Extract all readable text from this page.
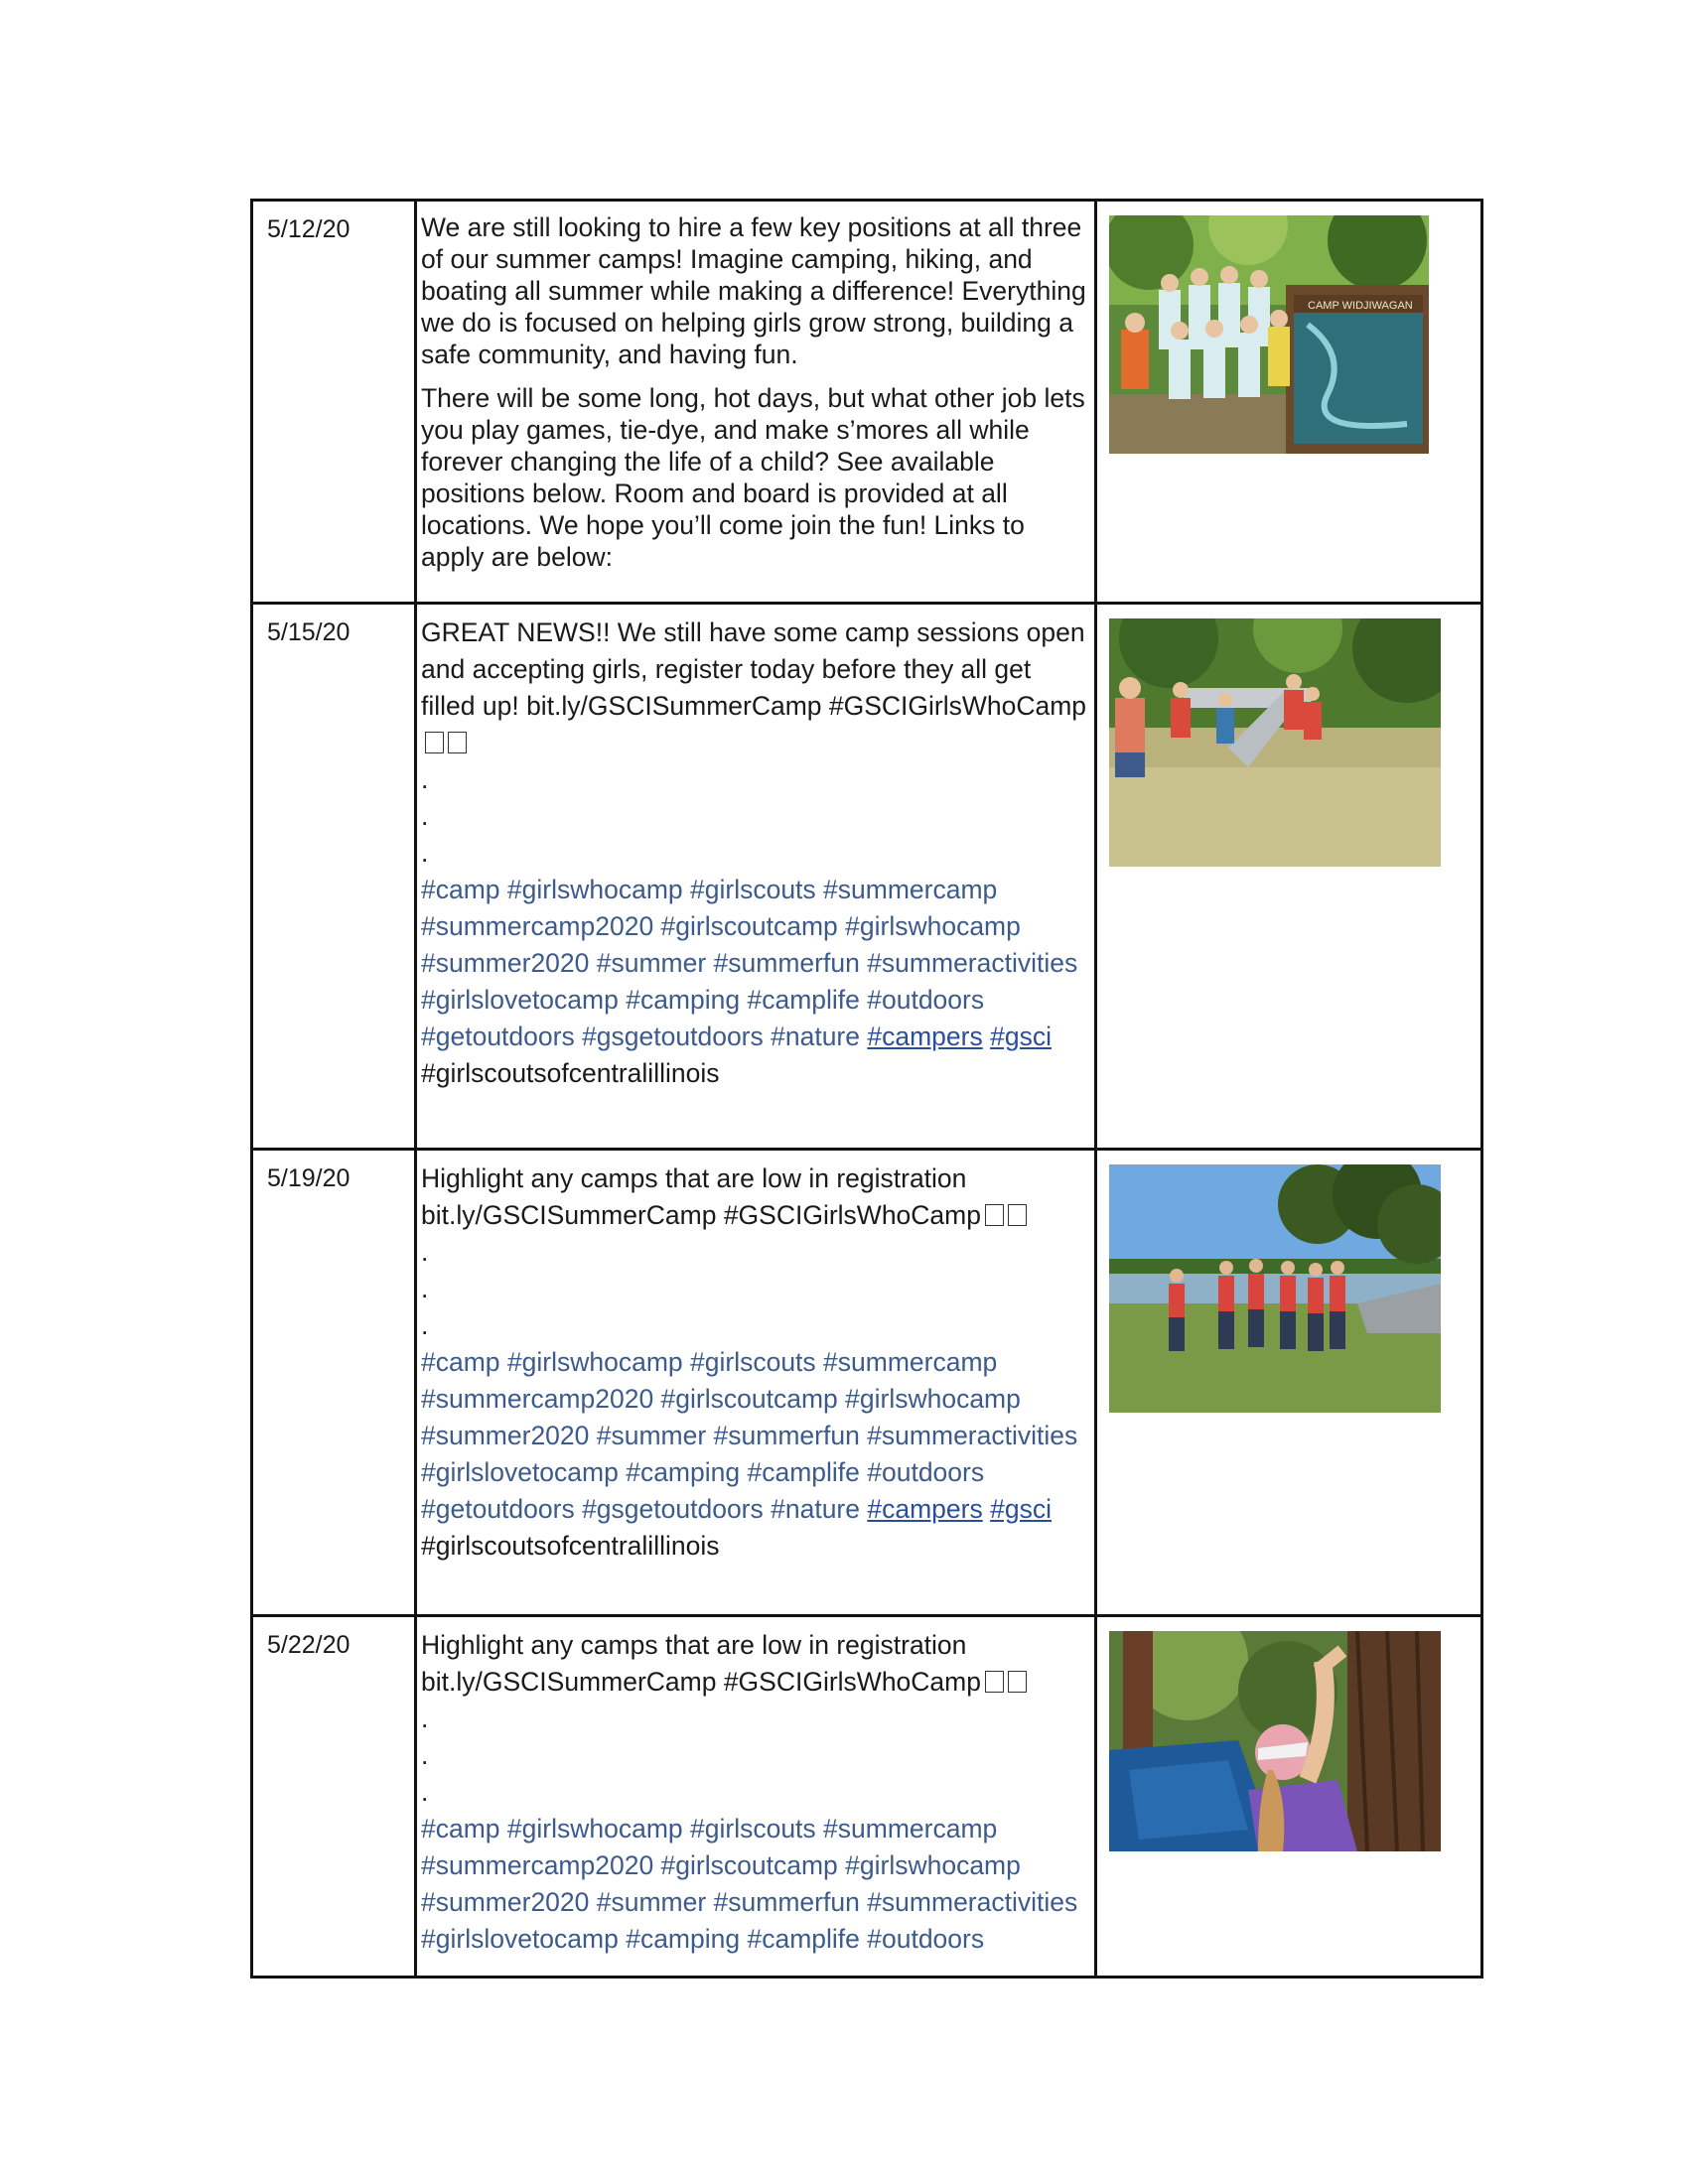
5/12/20	We are still looking to hire a few key positions at all three of our summer camps! Imagine camping, hiking, and boating all summer while making a difference! Everything we do is focused on helping girls grow strong, building a safe community, and having fun.

There will be some long, hot days, but what other job lets you play games, tie-dye, and make s’mores all while forever changing the life of a child? See available positions below. Room and board is provided at all locations. We hope you’ll come join the fun! Links to apply are below:	CAMP WIDJIWAGAN

5/15/20	GREAT NEWS!! We still have some camp sessions open and accepting girls, register today before they all get filled up! bit.ly/GSCISummerCamp #GSCIGirlsWhoCamp

.

.

.

#camp #girlswhocamp #girlscouts #summercamp #summercamp2020 #girlscoutcamp #girlswhocamp #summer2020 #summer #summerfun #summeractivities #girlslovetocamp #camping #camplife #outdoors #getoutdoors #gsgetoutdoors #nature #campers #gsci #girlscoutsofcentralillinois

5/19/20	Highlight any camps that are low in registration bit.ly/GSCISummerCamp #GSCIGirlsWhoCamp

.

.

.

#camp #girlswhocamp #girlscouts #summercamp #summercamp2020 #girlscoutcamp #girlswhocamp #summer2020 #summer #summerfun #summeractivities #girlslovetocamp #camping #camplife #outdoors #getoutdoors #gsgetoutdoors #nature #campers #gsci #girlscoutsofcentralillinois

5/22/20	Highlight any camps that are low in registration bit.ly/GSCISummerCamp #GSCIGirlsWhoCamp

.

.

.

#camp #girlswhocamp #girlscouts #summercamp #summercamp2020 #girlscoutcamp #girlswhocamp #summer2020 #summer #summerfun #summeractivities #girlslovetocamp #camping #camplife #outdoors
